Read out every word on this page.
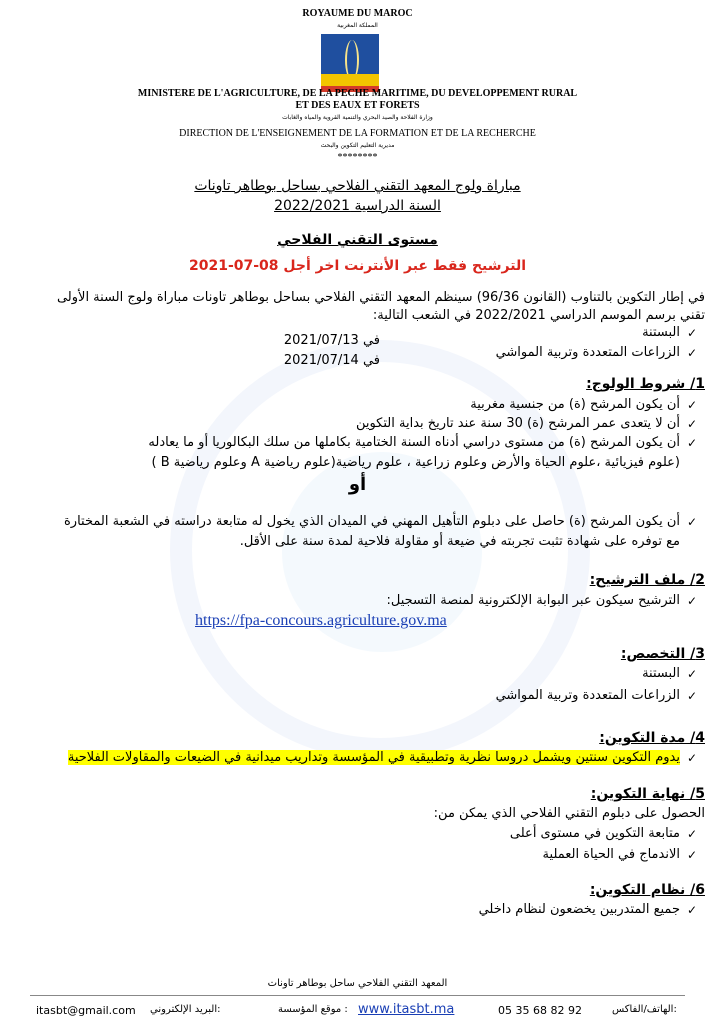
ROYAUME DU MAROC
المملكة المغربية
MINISTERE DE L'AGRICULTURE, DE LA PECHE MARITIME, DU DEVELOPPEMENT RURAL
ET DES EAUX ET FORETS
وزارة الفلاحة والصيد البحري والتنمية القروية والمياه والغابات
DIRECTION DE L'ENSEIGNEMENT DE LA FORMATION ET DE LA RECHERCHE
مديرية التعليم التكوين والبحث
********
مباراة ولوج المعهد التقني الفلاحي بساحل بوطاهر تاونات
السنة الدراسية 2022/2021
مستوى التقني الفلاحي
الترشيح فقط عبر الأنترنت اخر أجل 08-07-2021
في إطار التكوين بالتناوب (القانون 96/36) سينظم المعهد التقني الفلاحي بساحل بوطاهر تاونات مباراة ولوج السنة الأولى
تقني برسم الموسم الدراسي 2022/2021 في الشعب التالية:
✓
البستنة
في 2021/07/13
✓
الزراعات المتعددة وتربية المواشي
في 2021/07/14
1/ شروط الولوج:
✓
أن يكون المرشح (ة) من جنسية مغربية
✓
أن لا يتعدى عمر المرشح (ة) 30 سنة عند تاريخ بداية التكوين
✓
أن يكون المرشح (ة) من مستوى دراسي أدناه السنة الختامية بكاملها من سلك البكالوريا أو ما يعادله
(علوم فيزيائية ،علوم الحياة والأرض وعلوم زراعية ، علوم رياضية(علوم رياضية A وعلوم رياضية B )
أو
✓
أن يكون المرشح (ة) حاصل على دبلوم التأهيل المهني في الميدان الذي يخول له متابعة دراسته في الشعبة المختارة
مع توفره على شهادة تثبت تجربته في ضيعة أو مقاولة فلاحية لمدة سنة على الأقل.
2/ ملف الترشيح:
✓
الترشيح سيكون عبر البوابة الإلكترونية لمنصة التسجيل:
https://fpa-concours.agriculture.gov.ma
3/ التخصص:
✓
البستنة
✓
الزراعات المتعددة وتربية المواشي
4/ مدة التكوين:
✓
يدوم التكوين سنتين ويشمل دروسا نظرية وتطبيقية في المؤسسة وتداريب ميدانية في الضيعات والمقاولات الفلاحية
5/ نهاية التكوين:
الحصول على دبلوم التقني الفلاحي الذي يمكن من:
✓
متابعة التكوين في مستوى أعلى
✓
الاندماج في الحياة العملية
6/ نظام التكوين:
✓
جميع المتدربين يخضعون لنظام داخلي
المعهد التقني الفلاحي ساحل بوطاهر تاونات
itasbt@gmail.com البريد الإلكتروني:	www.itasbt.ma
موقع المؤسسة :	05 35 68 82 92	الهاتف/الفاكس:
